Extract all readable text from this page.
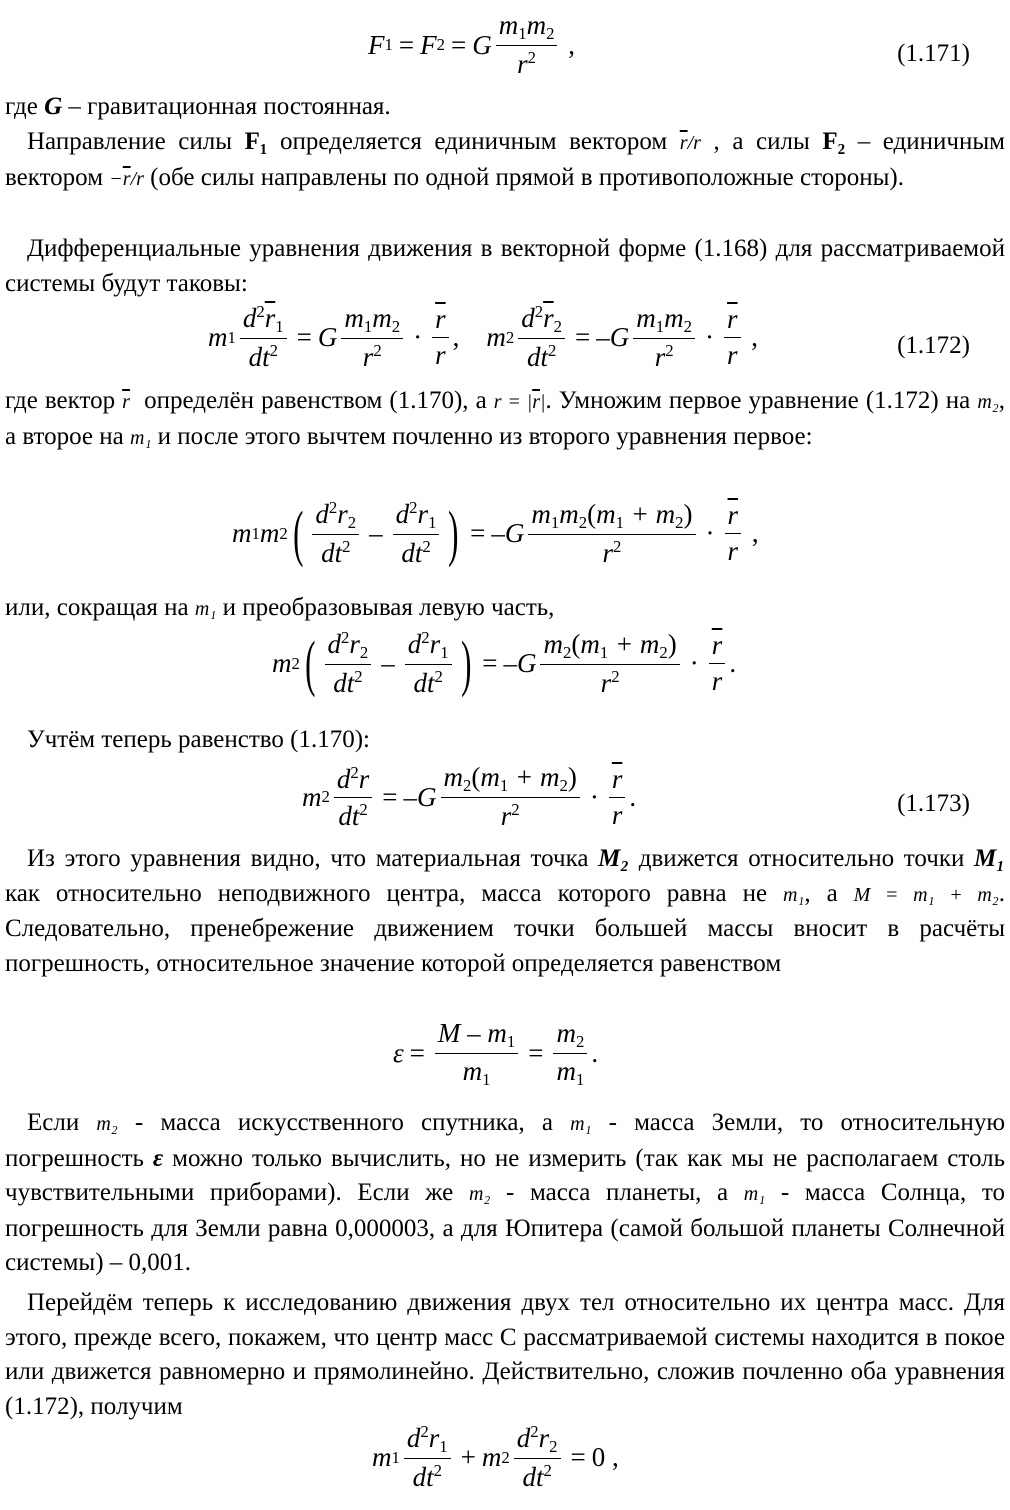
F 1 = F 2 = G $\frac{m_1m_2}{r^2}$ ,	(1.171)
где G – гравитационная постоянная.
Направление силы F₁ определяется единичным вектором $\overline{r}/r$ , а силы F₂ – единичным вектором $-\overline{r}/r$ (обе силы направлены по одной прямой в противоположные стороны).
Дифференциальные уравнения движения в векторной форме (1.168) для рассматриваемой системы будут таковы:
m $1 \frac{d^2\overline{r}_1}{dt^2} = G \frac{m_1m_2}{r^2} \cdot \frac{\overline{r}}{r}$ , m $2 \frac{d^2\overline{r}_2}{dt^2} = -G \frac{m_1m_2}{r^2} \cdot \frac{\overline{r}}{r}$ ,	(1.172)
где вектор $\overline{r}$  определён равенством (1.170), а $r = |\overline{r}|$. Умножим первое уравнение (1.172) на m₂, а второе на m₁ и после этого вычтем почленно из второго уравнения первое:
m 1 m 2 ( $\frac{d^2r_2}{dt^2} - \frac{d^2r_1}{dt^2}$ ) = $-G \frac{m_1m_2(m_1 + m_2)}{r^2} \cdot \frac{\overline{r}}{r}$ ,
или, сокращая на m₁ и преобразовывая левую часть,
m 2 ( $\frac{d^2r_2}{dt^2} - \frac{d^2r_1}{dt^2}$ ) = $-G \frac{m_2(m_1 + m_2)}{r^2} \cdot \frac{\overline{r}}{r}$ .
Учтём теперь равенство (1.170):
m $2 \frac{d^2r}{dt^2} = -G \frac{m_2(m_1 + m_2)}{r^2} \cdot \frac{\overline{r}}{r}$ .	(1.173)
Из этого уравнения видно, что материальная точка M₂ движется относительно точки M₁ как относительно неподвижного центра, масса которого равна не m₁, а M = m₁ + m₂. Следовательно, пренебрежение движением точки большей массы вносит в расчёты погрешность, относительное значение которой определяется равенством
$\varepsilon = \frac{M - m_1}{m_1} = \frac{m_2}{m_1}$ .
Если m₂ - масса искусственного спутника, а m₁ - масса Земли, то относительную погрешность ε можно только вычислить, но не измерить (так как мы не располагаем столь чувствительными приборами). Если же m₂ - масса планеты, а m₁ - масса Солнца, то погрешность для Земли равна 0,000003, а для Юпитера (самой большой планеты Солнечной системы) – 0,001.
Перейдём теперь к исследованию движения двух тел относительно их центра масс. Для этого, прежде всего, покажем, что центр масс С рассматриваемой системы находится в покое или движется равномерно и прямолинейно. Действительно, сложив почленно оба уравнения (1.172), получим
m $1 \frac{d^2r_1}{dt^2} + m$ $2 \frac{d^2r_2}{dt^2} = 0$ ,
